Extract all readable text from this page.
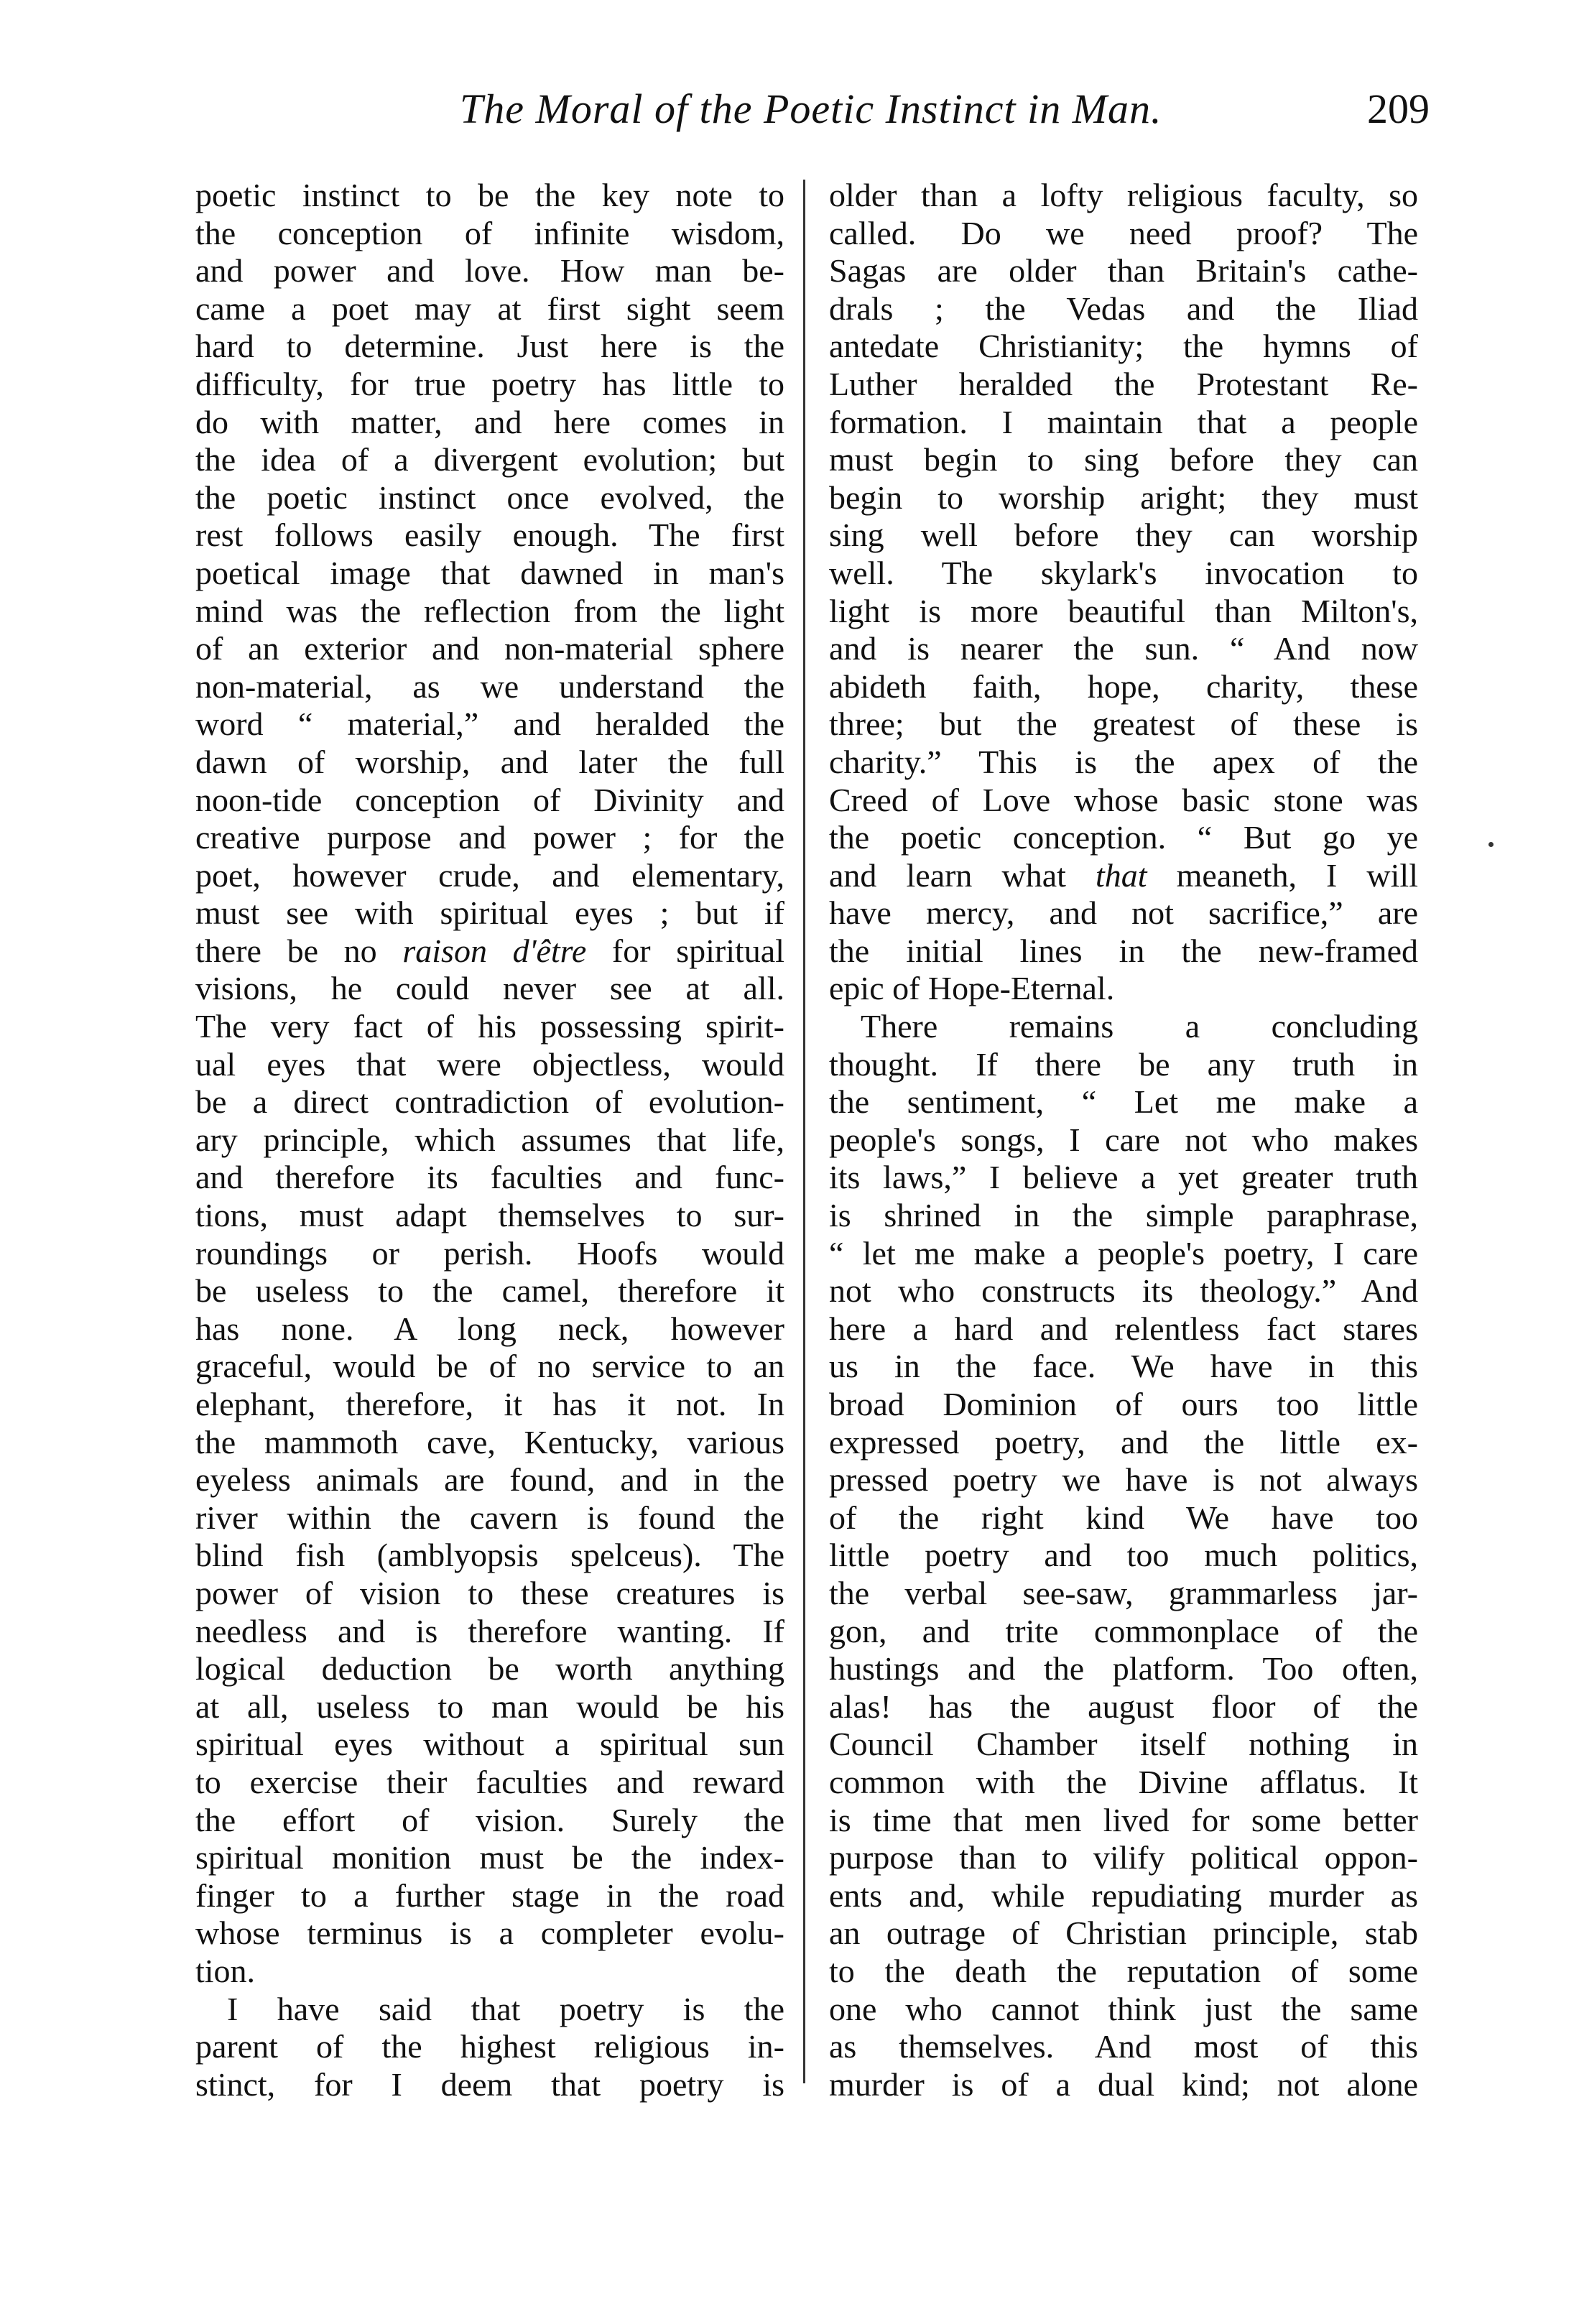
The Moral of the Poetic Instinct in Man.	209
poetic instinct to be the key note to
the conception of infinite wisdom,
and power and love. How man be-
came a poet may at first sight seem
hard to determine. Just here is the
difficulty, for true poetry has little to
do with matter, and here comes in
the idea of a divergent evolution; but
the poetic instinct once evolved, the
rest follows easily enough. The first
poetical image that dawned in man's
mind was the reflection from the light
of an exterior and non-material sphere
non-material, as we understand the
word “ material,” and heralded the
dawn of worship, and later the full
noon-tide conception of Divinity and
creative purpose and power ; for the
poet, however crude, and elementary,
must see with spiritual eyes ; but if
there be no raison d'être for spiritual
visions, he could never see at all.
The very fact of his possessing spirit-
ual eyes that were objectless, would
be a direct contradiction of evolution-
ary principle, which assumes that life,
and therefore its faculties and func-
tions, must adapt themselves to sur-
roundings or perish. Hoofs would
be useless to the camel, therefore it
has none. A long neck, however
graceful, would be of no service to an
elephant, therefore, it has it not. In
the mammoth cave, Kentucky, various
eyeless animals are found, and in the
river within the cavern is found the
blind fish (amblyopsis spelceus). The
power of vision to these creatures is
needless and is therefore wanting. If
logical deduction be worth anything
at all, useless to man would be his
spiritual eyes without a spiritual sun
to exercise their faculties and reward
the effort of vision. Surely the
spiritual monition must be the index-
finger to a further stage in the road
whose terminus is a completer evolu-
tion.
I have said that poetry is the
parent of the highest religious in-
stinct, for I deem that poetry is
older than a lofty religious faculty, so
called. Do we need proof? The
Sagas are older than Britain's cathe-
drals ; the Vedas and the Iliad
antedate Christianity; the hymns of
Luther heralded the Protestant Re-
formation. I maintain that a people
must begin to sing before they can
begin to worship aright; they must
sing well before they can worship
well. The skylark's invocation to
light is more beautiful than Milton's,
and is nearer the sun. “ And now
abideth faith, hope, charity, these
three; but the greatest of these is
charity.” This is the apex of the
Creed of Love whose basic stone was
the poetic conception. “ But go ye
and learn what that meaneth, I will
have mercy, and not sacrifice,” are
the initial lines in the new-framed
epic of Hope-Eternal.
There remains a concluding
thought. If there be any truth in
the sentiment, “ Let me make a
people's songs, I care not who makes
its laws,” I believe a yet greater truth
is shrined in the simple paraphrase,
“ let me make a people's poetry, I care
not who constructs its theology.” And
here a hard and relentless fact stares
us in the face. We have in this
broad Dominion of ours too little
expressed poetry, and the little ex-
pressed poetry we have is not always
of the right kind We have too
little poetry and too much politics,
the verbal see-saw, grammarless jar-
gon, and trite commonplace of the
hustings and the platform. Too often,
alas! has the august floor of the
Council Chamber itself nothing in
common with the Divine afflatus. It
is time that men lived for some better
purpose than to vilify political oppon-
ents and, while repudiating murder as
an outrage of Christian principle, stab
to the death the reputation of some
one who cannot think just the same
as themselves. And most of this
murder is of a dual kind; not alone
